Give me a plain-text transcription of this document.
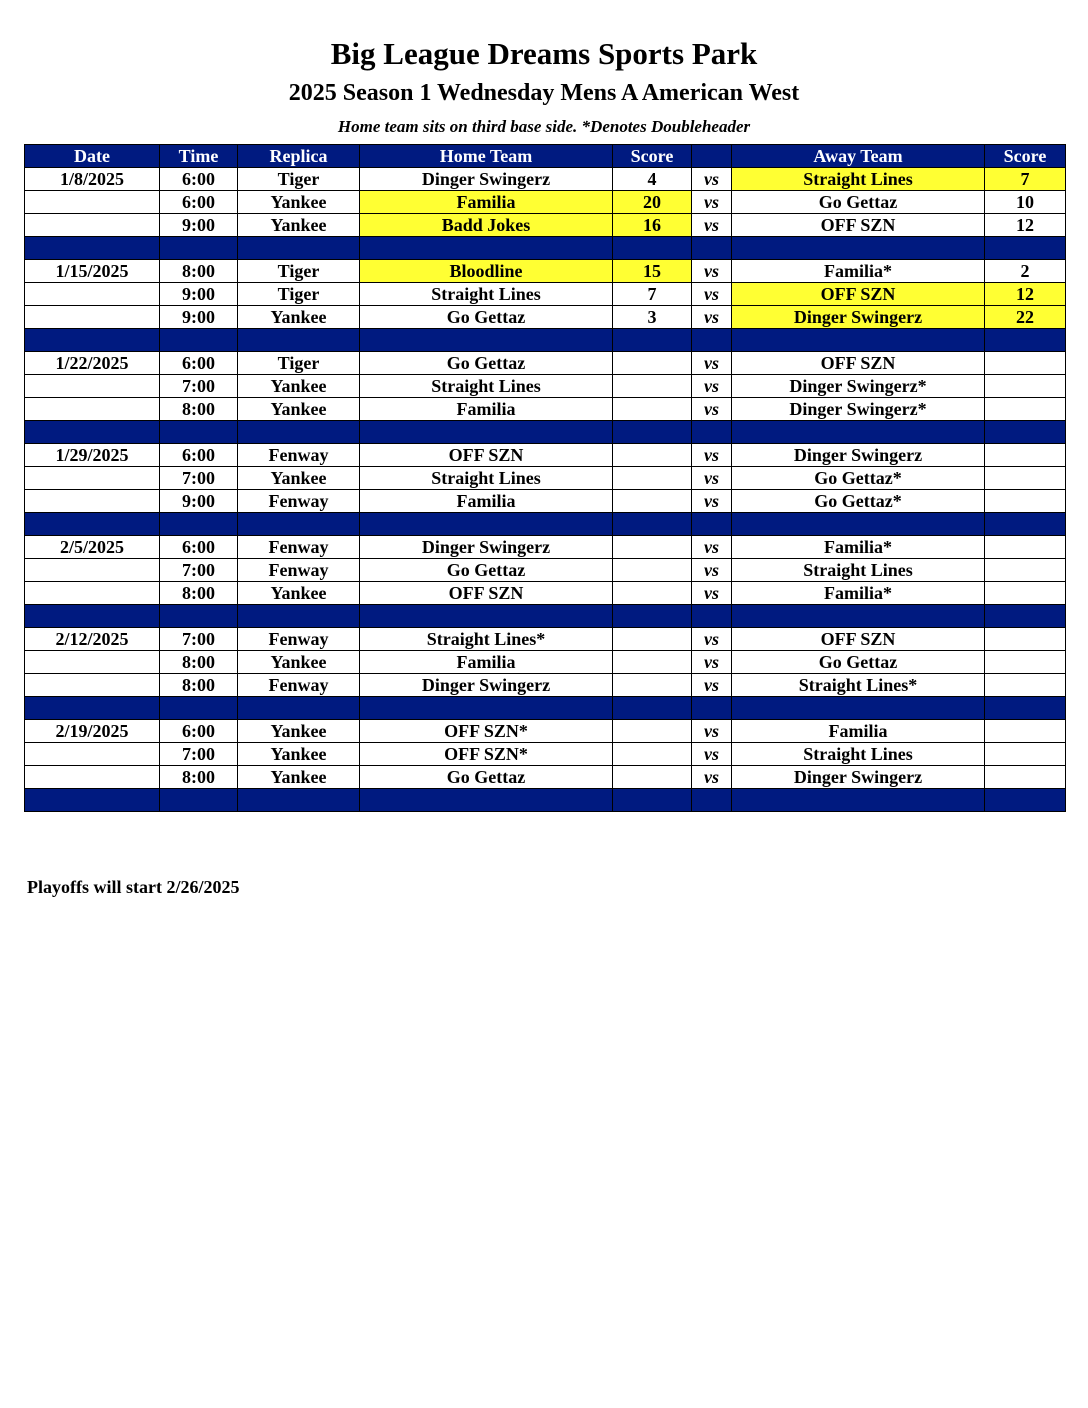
Big League Dreams Sports Park
2025 Season 1 Wednesday Mens A American West
Home team sits on third base side. *Denotes Doubleheader
Date	Time	Replica	Home Team	Score		Away Team	Score
1/8/2025	6:00	Tiger	Dinger Swingerz	4	vs	Straight Lines	7
	6:00	Yankee	Familia	20	vs	Go Gettaz	10
	9:00	Yankee	Badd Jokes	16	vs	OFF SZN	12

1/15/2025	8:00	Tiger	Bloodline	15	vs	Familia*	2
	9:00	Tiger	Straight Lines	7	vs	OFF SZN	12
	9:00	Yankee	Go Gettaz	3	vs	Dinger Swingerz	22

1/22/2025	6:00	Tiger	Go Gettaz		vs	OFF SZN	
	7:00	Yankee	Straight Lines		vs	Dinger Swingerz*	
	8:00	Yankee	Familia		vs	Dinger Swingerz*	

1/29/2025	6:00	Fenway	OFF SZN		vs	Dinger Swingerz	
	7:00	Yankee	Straight Lines		vs	Go Gettaz*	
	9:00	Fenway	Familia		vs	Go Gettaz*	

2/5/2025	6:00	Fenway	Dinger Swingerz		vs	Familia*	
	7:00	Fenway	Go Gettaz		vs	Straight Lines	
	8:00	Yankee	OFF SZN		vs	Familia*	

2/12/2025	7:00	Fenway	Straight Lines*		vs	OFF SZN	
	8:00	Yankee	Familia		vs	Go Gettaz	
	8:00	Fenway	Dinger Swingerz		vs	Straight Lines*	

2/19/2025	6:00	Yankee	OFF SZN*		vs	Familia	
	7:00	Yankee	OFF SZN*		vs	Straight Lines	
	8:00	Yankee	Go Gettaz		vs	Dinger Swingerz	

Playoffs will start 2/26/2025
